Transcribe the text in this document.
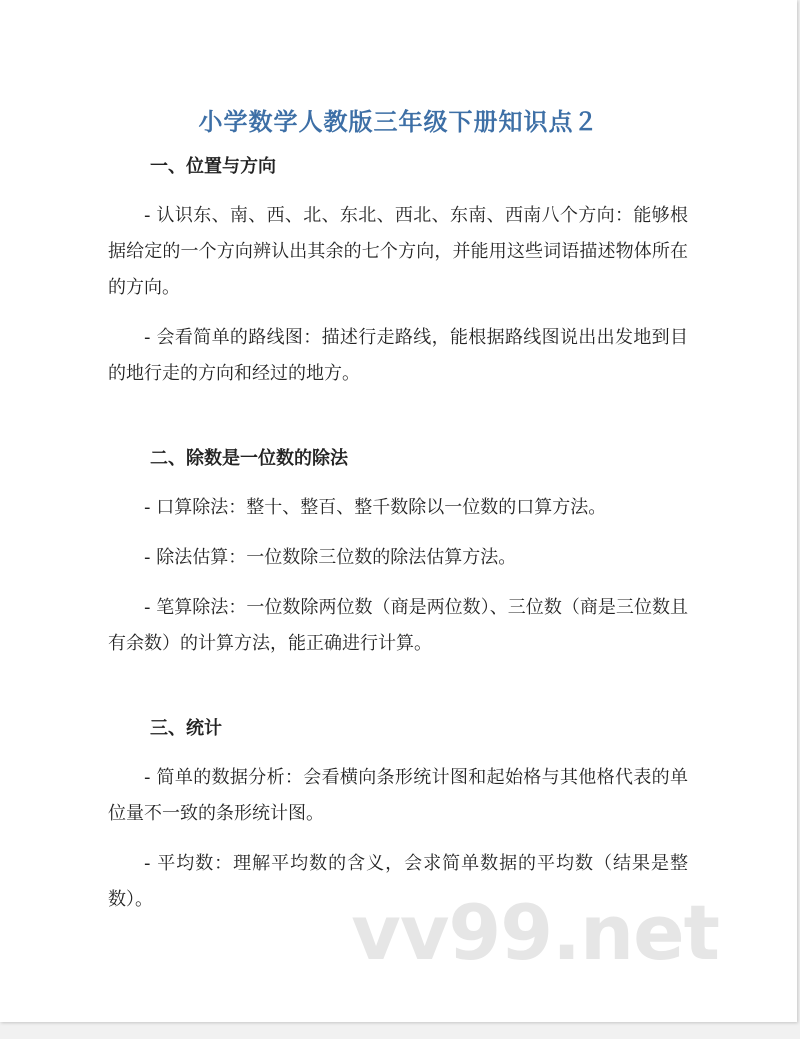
小学数学人教版三年级下册知识点２
一、位置与方向

- 认识东、南、西、北、东北、西北、东南、西南八个方向：能够根据给定的一个方向辨认出其余的七个方向，并能用这些词语描述物体所在的方向。

- 会看简单的路线图：描述行走路线，能根据路线图说出出发地到目的地行走的方向和经过的地方。

二、除数是一位数的除法

- 口算除法：整十、整百、整千数除以一位数的口算方法。

- 除法估算：一位数除三位数的除法估算方法。

- 笔算除法：一位数除两位数（商是两位数）、三位数（商是三位数且有余数）的计算方法，能正确进行计算。

三、统计

- 简单的数据分析：会看横向条形统计图和起始格与其他格代表的单位量不一致的条形统计图。

- 平均数：理解平均数的含义，会求简单数据的平均数（结果是整数）。	vv99.net
